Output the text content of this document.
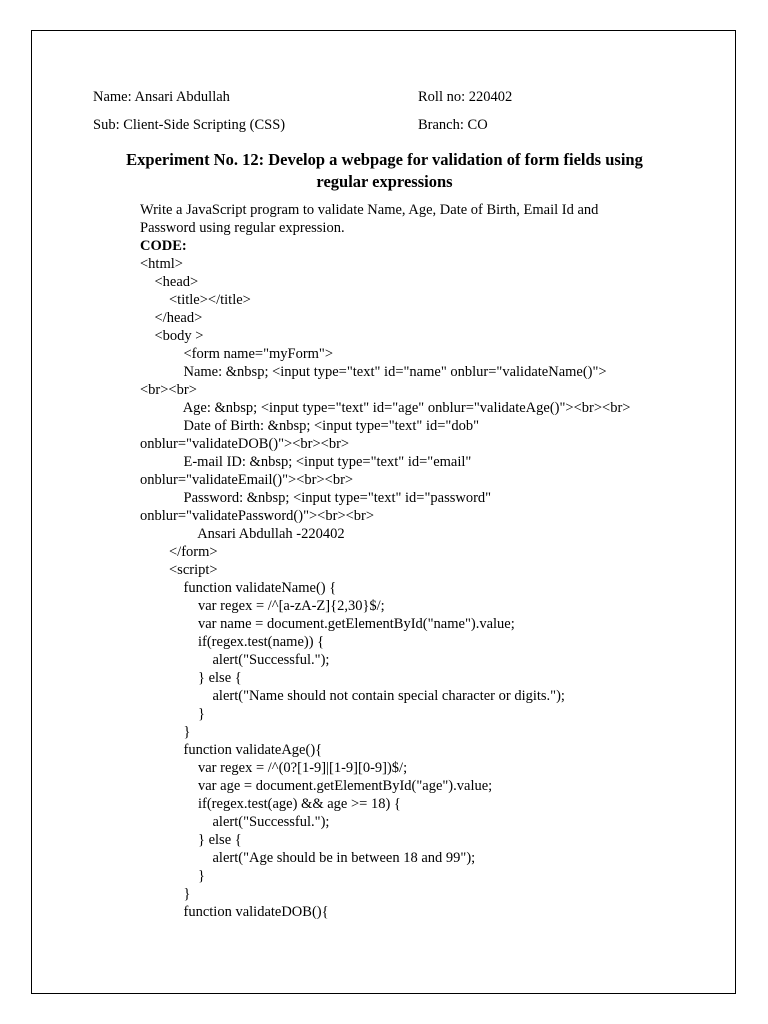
Name: Ansari Abdullah	Roll no: 220402
Sub: Client-Side Scripting (CSS)	Branch: CO
Experiment No. 12: Develop a webpage for validation of form fields using
regular expressions

Write a JavaScript program to validate Name, Age, Date of Birth, Email Id and

Password using regular expression.

CODE:

<html>
<head>
<title></title>
</head>
<body >
<form name="myForm">
Name: &nbsp; <input type="text" id="name" onblur="validateName()">
<br><br>
Age: &nbsp; <input type="text" id="age" onblur="validateAge()"><br><br>
Date of Birth: &nbsp; <input type="text" id="dob"
onblur="validateDOB()"><br><br>
E-mail ID: &nbsp; <input type="text" id="email"
onblur="validateEmail()"><br><br>
Password: &nbsp; <input type="text" id="password"
onblur="validatePassword()"><br><br>
Ansari Abdullah -220402
</form>
<script>
function validateName() {
var regex = /^[a-zA-Z]{2,30}$/;
var name = document.getElementById("name").value;
if(regex.test(name)) {
alert("Successful.");
} else {
alert("Name should not contain special character or digits.");
}
}
function validateAge(){
var regex = /^(0?[1-9]|[1-9][0-9])$/;
var age = document.getElementById("age").value;
if(regex.test(age) && age >= 18) {
alert("Successful.");
} else {
alert("Age should be in between 18 and 99");
}
}
function validateDOB(){
